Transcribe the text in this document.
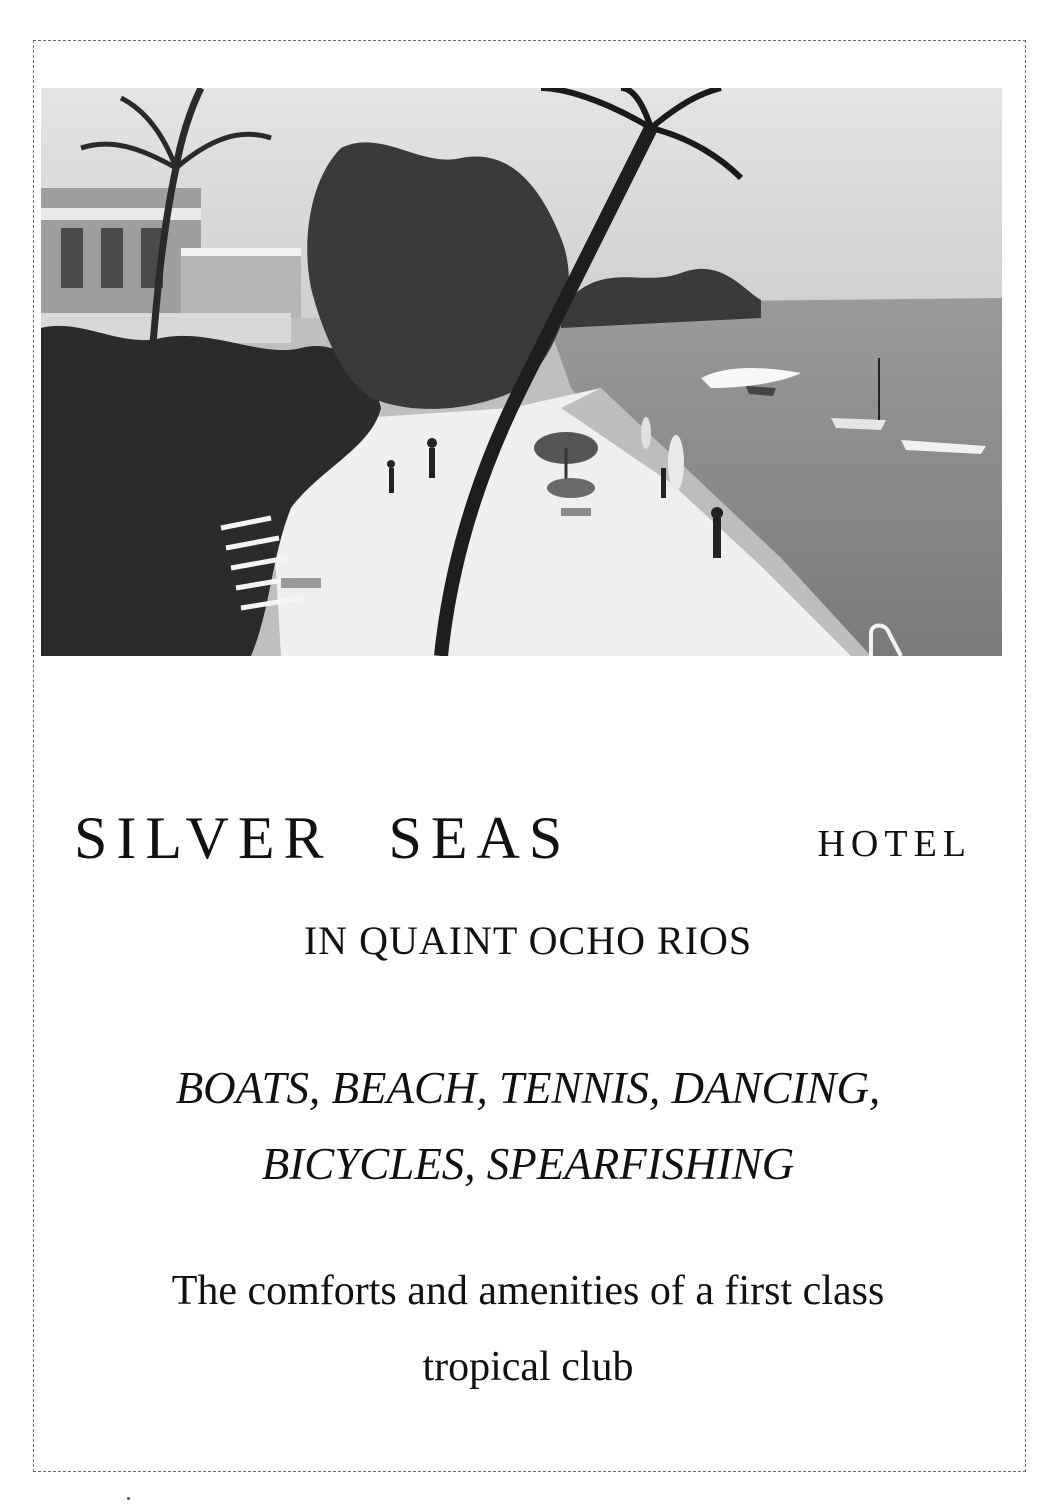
SILVER SEAS	HOTEL
IN QUAINT OCHO RIOS
BOATS, BEACH, TENNIS, DANCING,
BICYCLES, SPEARFISHING
The comforts and amenities of a first class
tropical club
